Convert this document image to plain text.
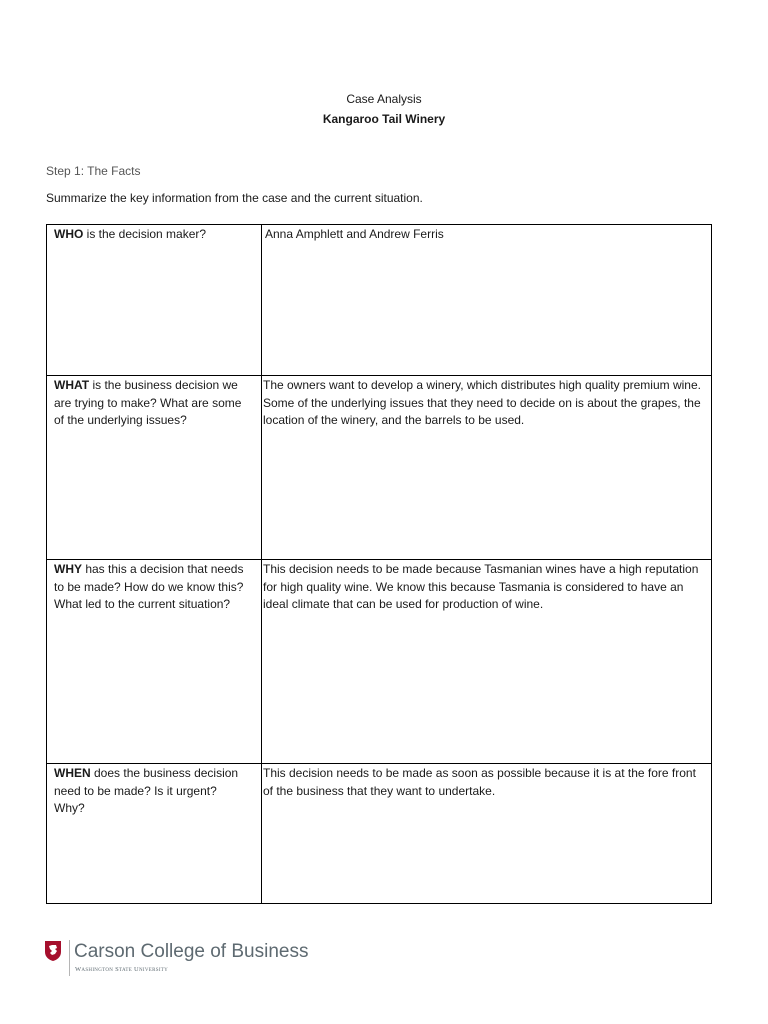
Case Analysis
Kangaroo Tail Winery
Step 1: The Facts
Summarize the key information from the case and the current situation.
WHO is the decision maker?	Anna Amphlett and Andrew Ferris
WHAT is the business decision we are trying to make? What are some of the underlying issues?	The owners want to develop a winery, which distributes high quality premium wine. Some of the underlying issues that they need to decide on is about the grapes, the location of the winery, and the barrels to be used.
WHY has this a decision that needs to be made? How do we know this? What led to the current situation?	This decision needs to be made because Tasmanian wines have a high reputation for high quality wine. We know this because Tasmania is considered to have an ideal climate that can be used for production of wine.
WHEN does the business decision need to be made? Is it urgent?
Why?	This decision needs to be made as soon as possible because it is at the fore front of the business that they want to undertake.
Carson College of Business
Washington State University
